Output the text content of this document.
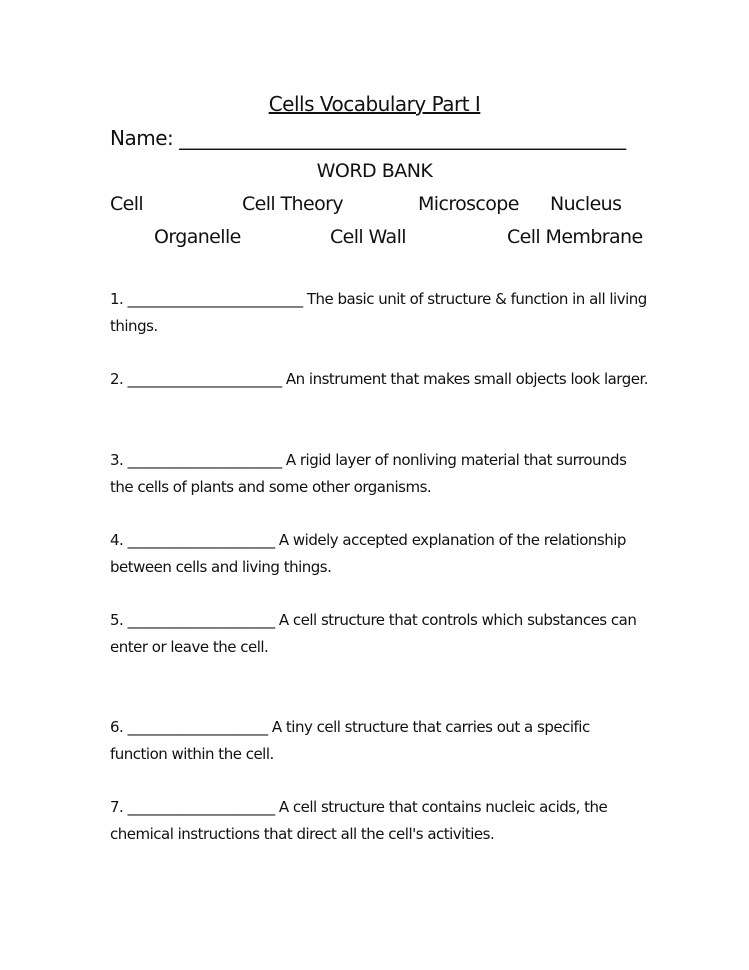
Cells Vocabulary Part I
Name: _______________________________________________
WORD BANK
Cell	Cell Theory	Microscope Nucleus
Organelle	Cell Wall	Cell Membrane
1. _________________________ The basic unit of structure & function in all living things.
2. ______________________ An instrument that makes small objects look larger.
3. ______________________ A rigid layer of nonliving material that surrounds the cells of plants and some other organisms.
4. _____________________ A widely accepted explanation of the relationship between cells and living things.
5. _____________________ A cell structure that controls which substances can enter or leave the cell.
6. ____________________ A tiny cell structure that carries out a specific function within the cell.
7. _____________________ A cell structure that contains nucleic acids, the chemical instructions that direct all the cell's activities.
